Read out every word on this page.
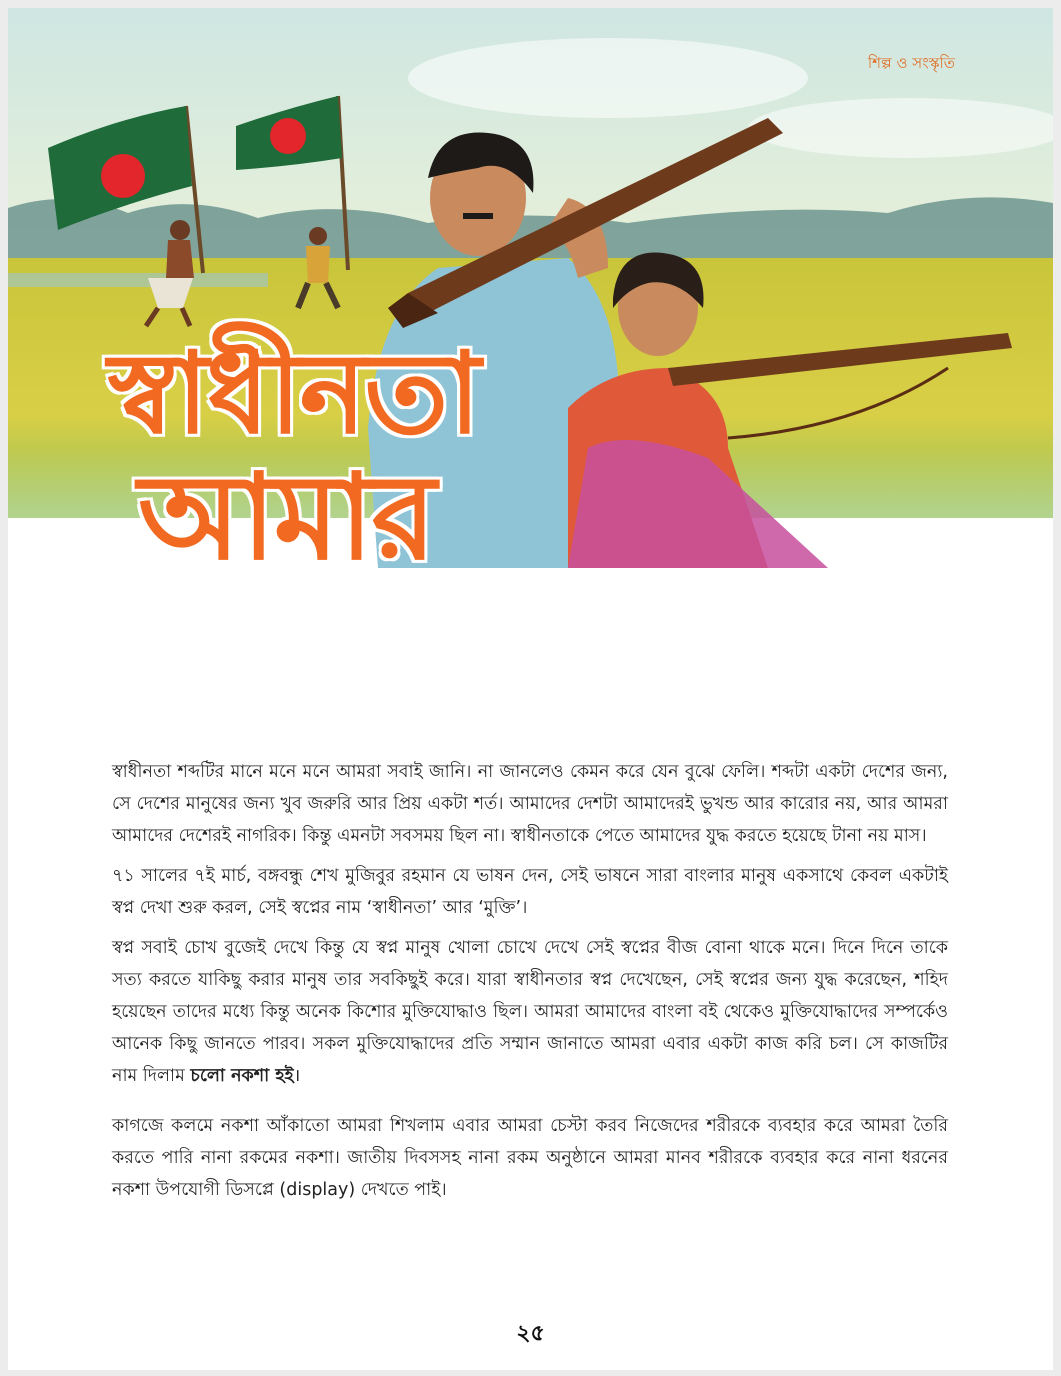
শিল্প ও সংস্কৃতি
স্বাধীনতা
আমার

স্বাধীনতা শব্দটির মানে মনে মনে আমরা সবাই জানি। না জানলেও কেমন করে যেন বুঝে ফেলি। শব্দটা একটা দেশের জন্য, সে দেশের মানুষের জন্য খুব জরুরি আর প্রিয় একটা শর্ত। আমাদের দেশটা আমাদেরই ভুখন্ড আর কারোর নয়, আর আমরা আমাদের দেশেরই নাগরিক। কিন্তু এমনটা সবসময় ছিল না। স্বাধীনতাকে পেতে আমাদের যুদ্ধ করতে হয়েছে টানা নয় মাস।

৭১ সালের ৭ই মার্চ, বঙ্গবন্ধু শেখ মুজিবুর রহমান যে ভাষন দেন, সেই ভাষনে সারা বাংলার মানুষ একসাথে কেবল একটাই স্বপ্ন দেখা শুরু করল, সেই স্বপ্নের নাম ‘স্বাধীনতা’ আর ‘মুক্তি’।

স্বপ্ন সবাই চোখ বুজেই দেখে কিন্তু যে স্বপ্ন মানুষ খোলা চোখে দেখে সেই স্বপ্নের বীজ বোনা থাকে মনে। দিনে দিনে তাকে সত্য করতে যাকিছু করার মানুষ তার সবকিছুই করে। যারা স্বাধীনতার স্বপ্ন দেখেছেন, সেই স্বপ্নের জন্য যুদ্ধ করেছেন, শহিদ হয়েছেন তাদের মধ্যে কিন্তু অনেক কিশোর মুক্তিযোদ্ধাও ছিল। আমরা আমাদের বাংলা বই থেকেও মুক্তিযোদ্ধাদের সম্পর্কেও আনেক কিছু জানতে পারব। সকল মুক্তিযোদ্ধাদের প্রতি সম্মান জানাতে আমরা এবার একটা কাজ করি চল। সে কাজটির নাম দিলাম চলো নকশা হই।

কাগজে কলমে নকশা আঁকাতো আমরা শিখলাম এবার আমরা চেস্টা করব নিজেদের শরীরকে ব্যবহার করে আমরা তৈরি করতে পারি নানা রকমের নকশা। জাতীয় দিবসসহ নানা রকম অনুষ্ঠানে আমরা মানব শরীরকে ব্যবহার করে নানা ধরনের নকশা উপযোগী ডিসপ্লে (display) দেখতে পাই।

২৫
